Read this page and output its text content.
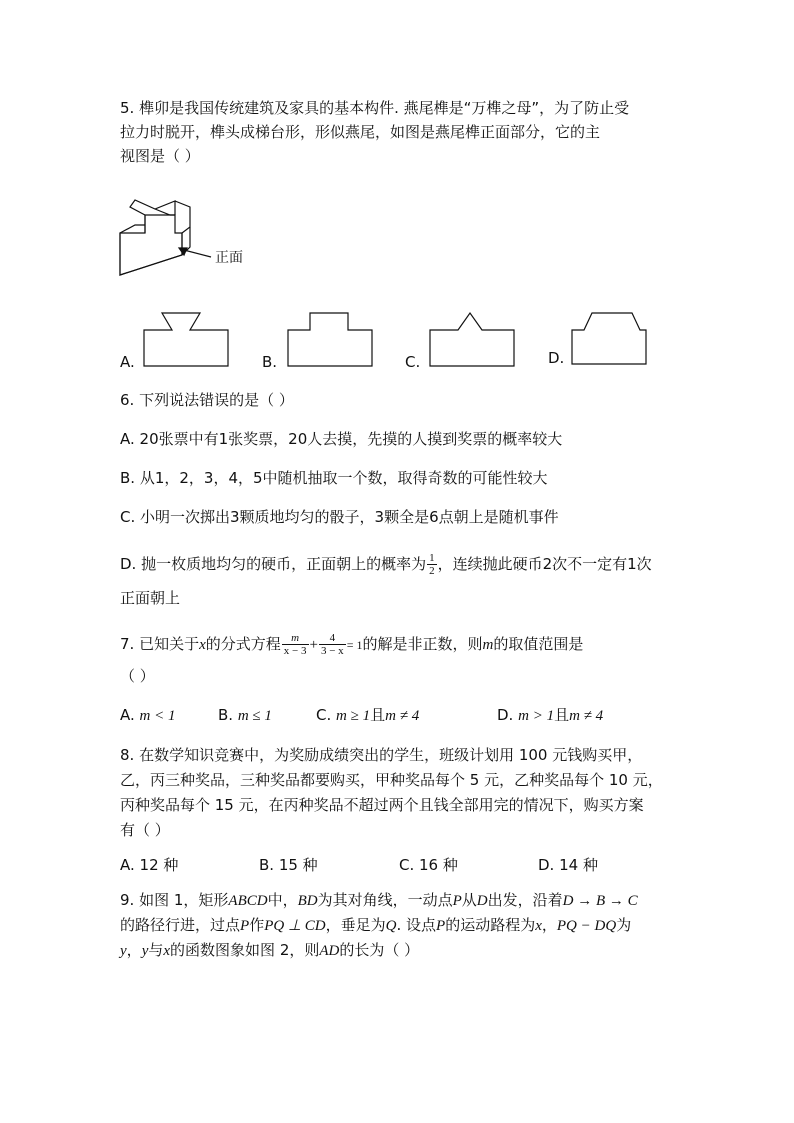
5. 榫卯是我国传统建筑及家具的基本构件. 燕尾榫是“万榫之母”，为了防止受
拉力时脱开，榫头成梯台形，形似燕尾，如图是燕尾榫正面部分，它的主
视图是（ ）
正面
A.	B.	C.	D.
6. 下列说法错误的是（ ）
A. 20张票中有1张奖票，20人去摸，先摸的人摸到奖票的概率较大
B. 从1，2，3，4，5中随机抽取一个数，取得奇数的可能性较大
C. 小明一次掷出3颗质地均匀的骰子，3颗全是6点朝上是随机事件
D. 抛一枚质地均匀的硬币，正面朝上的概率为 $\frac{1}{2}$ ，连续抛此硬币2次不一定有1次
正面朝上
7. 已知关于x的分式方程 $\frac{m}{x - 3} + \frac{4}{3 - x} = 1$的解是非正数，则m的取值范围是
（ ）
A. m < 1	B. m ≤ 1	C. m ≥ 1且m ≠ 4	D. m > 1且m ≠ 4
8. 在数学知识竞赛中，为奖励成绩突出的学生，班级计划用 100 元钱购买甲，
乙，丙三种奖品，三种奖品都要购买，甲种奖品每个 5 元，乙种奖品每个 10 元，
丙种奖品每个 15 元，在丙种奖品不超过两个且钱全部用完的情况下，购买方案
有（ ）
A. 12 种	B. 15 种	C. 16 种	D. 14 种
9. 如图 1，矩形ABCD中，BD为其对角线，一动点P从D出发，沿着D → B → C
的路径行进，过点P作PQ ⊥ CD，垂足为Q. 设点P的运动路程为x，PQ − DQ为
y，y与x的函数图象如图 2，则AD的长为（ ）
